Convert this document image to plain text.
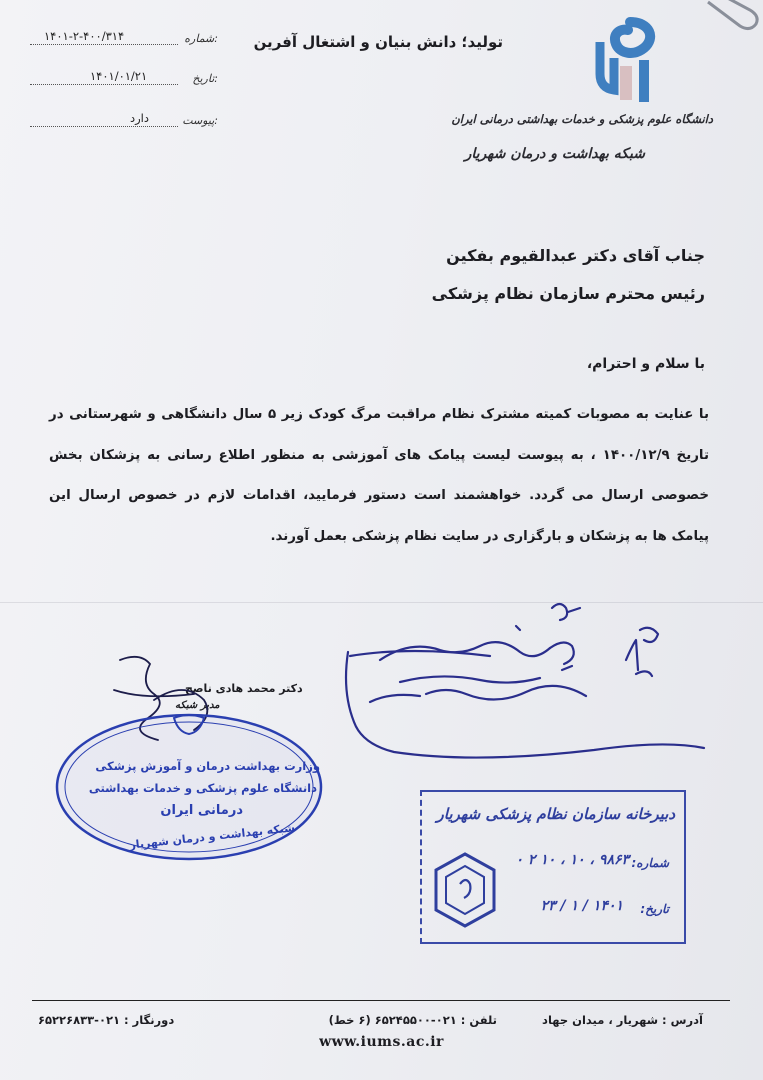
شماره:
۱۴۰۱-۲-۴۰۰/۳۱۴
تاریخ:
۱۴۰۱/۰۱/۲۱
پیوست:
دارد
تولید؛ دانش بنیان و اشتغال آفرین
دانشگاه علوم پزشکی و خدمات بهداشتی درمانی ایران
شبکه بهداشت و درمان شهریار
جناب آقای دکتر عبدالقیوم بفکین
رئیس محترم سازمان نظام پزشکی
با سلام و احترام،
با عنایت به مصوبات کمیته مشترک نظام مراقبت مرگ کودک زیر ۵ سال دانشگاهی و شهرستانی در تاریخ ۱۴۰۰/۱۲/۹ ، به پیوست لیست پیامک های آموزشی به منظور اطلاع رسانی به پزشکان بخش خصوصی ارسال می گردد. خواهشمند است دستور فرمایید، اقدامات لازم در خصوص ارسال این پیامک ها به پزشکان و بارگزاری در سایت نظام پزشکی بعمل آورند.
دکتر محمد هادی ناصح
مدیر شبکه
وزارت بهداشت درمان و آموزش پزشکی
دانشگاه علوم پزشکی و خدمات بهداشتی
درمانی ایران
شبکه بهداشت و درمان شهریار
دبیرخانه سازمان نظام پزشکی شهریار
شماره:
۹۸۶۳ ، ۱۰ ، ۱۰ ۲ ۰
تاریخ:
۱۴۰۱ / ۱ / ۲۳
آدرس : شهریار ، میدان جهاد
تلفن : ۰۲۱-۶۵۲۴۵۵۰۰ (۶ خط)
دورنگار : ۰۲۱-۶۵۲۲۶۸۳۳
www.iums.ac.ir
